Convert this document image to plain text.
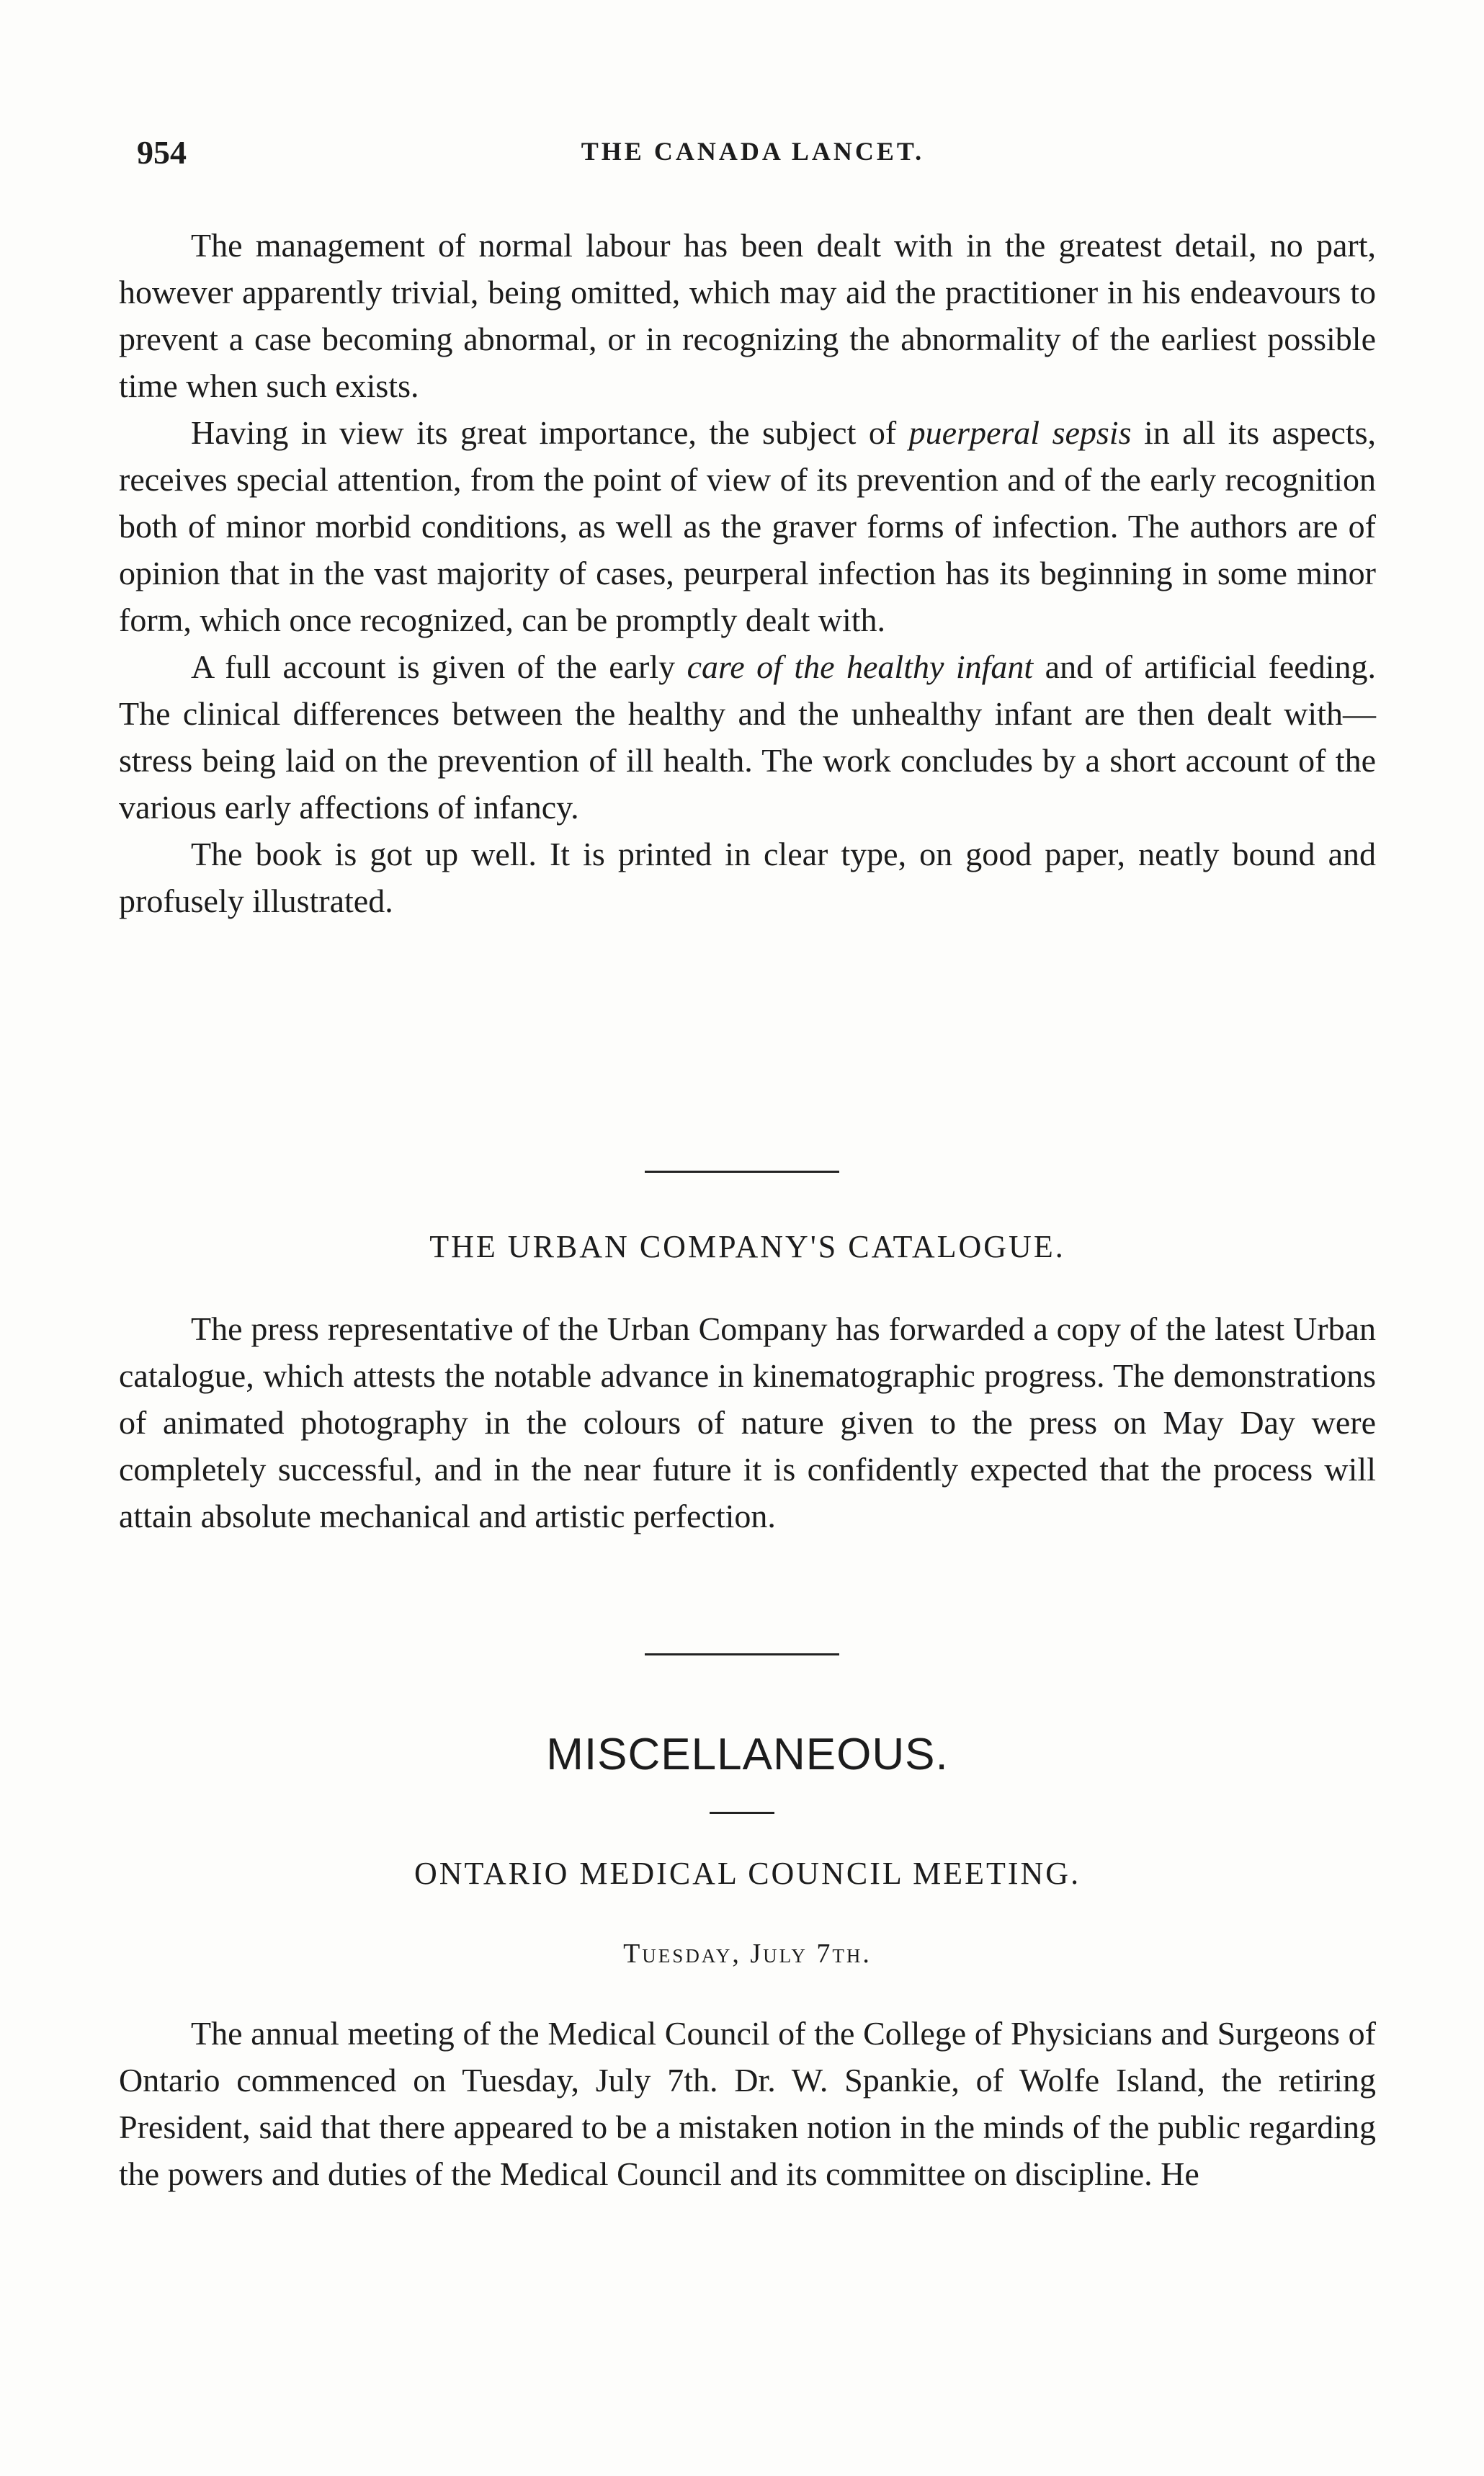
954	THE CANADA LANCET.

The management of normal labour has been dealt with in the greatest detail, no part, however apparently trivial, being omitted, which may aid the practitioner in his endeavours to prevent a case becoming abnormal, or in recognizing the abnormality of the earliest possible time when such exists.

Having in view its great importance, the subject of puerperal sepsis in all its aspects, receives special attention, from the point of view of its prevention and of the early recognition both of minor morbid conditions, as well as the graver forms of infection. The authors are of opinion that in the vast majority of cases, peurperal infection has its beginning in some minor form, which once recognized, can be promptly dealt with.

A full account is given of the early care of the healthy infant and of artificial feeding. The clinical differences between the healthy and the unhealthy infant are then dealt with—stress being laid on the prevention of ill health. The work concludes by a short account of the various early affections of infancy.

The book is got up well. It is printed in clear type, on good paper, neatly bound and profusely illustrated.

THE URBAN COMPANY'S CATALOGUE.

The press representative of the Urban Company has forwarded a copy of the latest Urban catalogue, which attests the notable advance in kinematographic progress. The demonstrations of animated photography in the colours of nature given to the press on May Day were completely successful, and in the near future it is confidently expected that the process will attain absolute mechanical and artistic perfection.

MISCELLANEOUS.
ONTARIO MEDICAL COUNCIL MEETING.
Tuesday, July 7th.

The annual meeting of the Medical Council of the College of Physicians and Surgeons of Ontario commenced on Tuesday, July 7th. Dr. W. Spankie, of Wolfe Island, the retiring President, said that there appeared to be a mistaken notion in the minds of the public regarding the powers and duties of the Medical Council and its committee on discipline. He
